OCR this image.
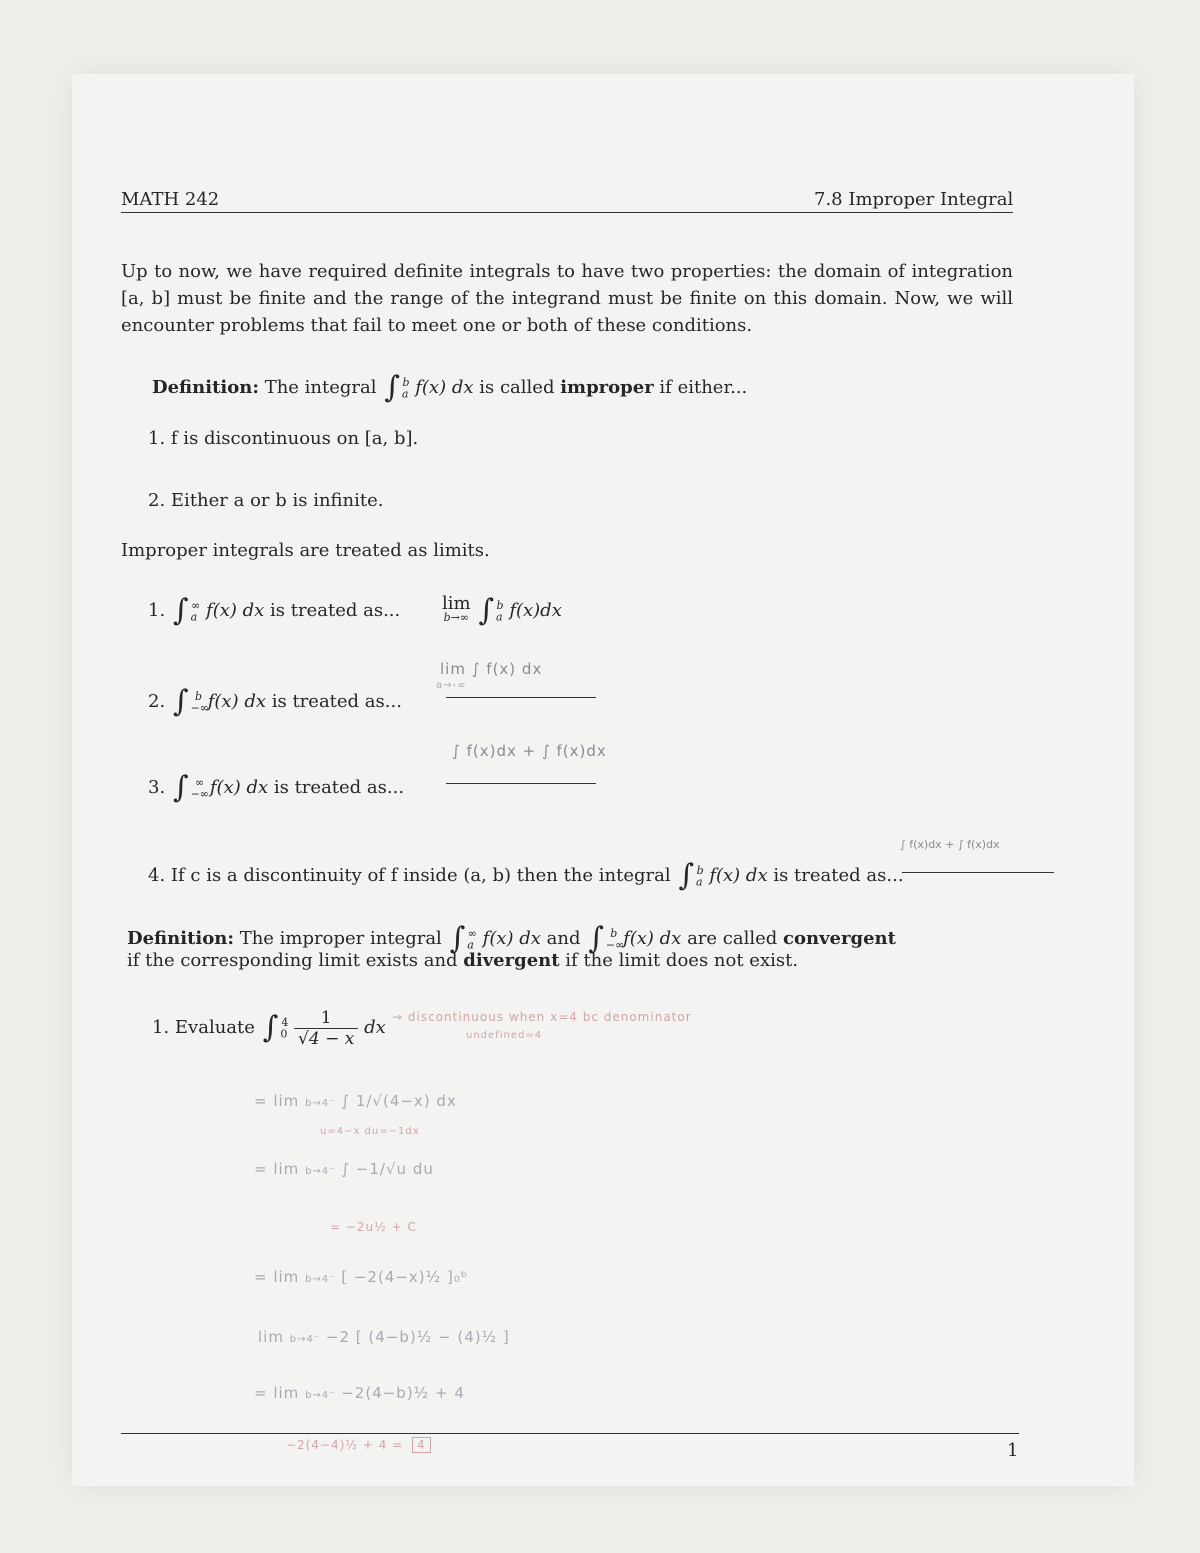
MATH 242	7.8 Improper Integral
Up to now, we have required definite integrals to have two properties: the domain of integration [a, b] must be finite and the range of the integrand must be finite on this domain. Now, we will encounter problems that fail to meet one or both of these conditions.
Definition: The integral ∫ $_a^b$ f(x) dx is called improper if either...
1. f is discontinuous on [a, b].
2. Either a or b is infinite.
Improper integrals are treated as limits.
1. ∫ $_a$∞ f(x) dx is treated as... lim
b→∞ ∫ $_a^b$ f(x)dx
2. ∫ $_{-\infty}^b$ f(x) dx is treated as...
lim ∫ f(x) dx
a→-∞
3. ∫ $_{-\infty}$∞ f(x) dx is treated as...
∫ f(x)dx + ∫ f(x)dx
4. If c is a discontinuity of f inside (a, b) then the integral ∫ $_a^b$ f(x) dx is treated as...
∫ f(x)dx + ∫ f(x)dx
Definition: The improper integral ∫ $_a$∞ f(x) dx and ∫ $_{-\infty}^b$ f(x) dx are called convergent
if the corresponding limit exists and divergent if the limit does not exist.
1. Evaluate ∫ $_0^4 \frac{1}{√4 - x}$ dx → discontinuous when x=4 bc denominator
undefined=4
= lim b→4⁻ ∫ 1/√(4−x) dx
u=4−x du=−1dx
= lim b→4⁻ ∫ −1/√u du
= −2u½ + C
= lim b→4⁻ [ −2(4−x)½ ]₀ᵇ
lim b→4⁻ −2 [ (4−b)½ − (4)½ ]
= lim b→4⁻ −2(4−b)½ + 4
−2(4−4)½ + 4 = 4	1
